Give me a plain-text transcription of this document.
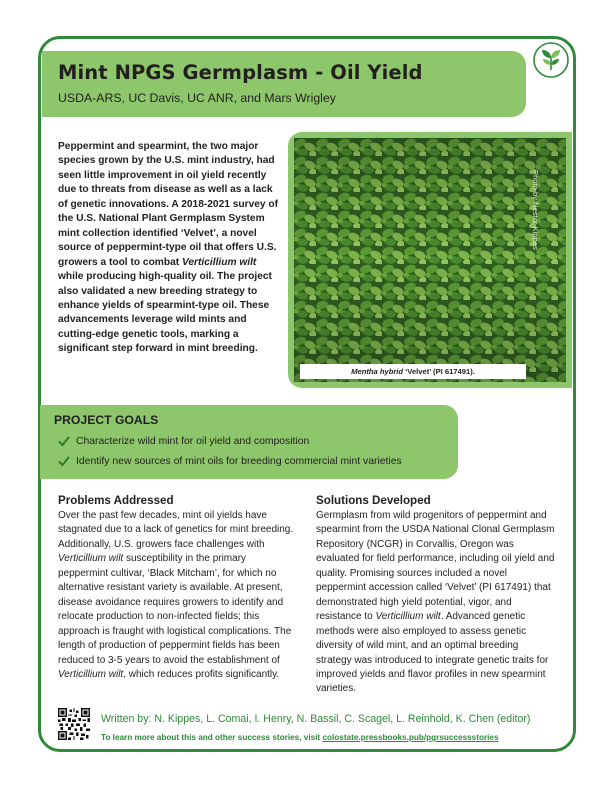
Mint NPGS Germplasm - Oil Yield
USDA-ARS, UC Davis, UC ANR, and Mars Wrigley

Peppermint and spearmint, the two major species grown by the U.S. mint industry, had seen little improvement in oil yield recently due to threats from disease as well as a lack of genetic innovations. A 2018-2021 survey of the U.S. National Plant Germplasm System mint collection identified ‘Velvet’, a novel source of peppermint-type oil that offers U.S. growers a tool to combat Verticillium wilt while producing high-quality oil. The project also validated a new breeding strategy to enhance yields of spearmint-type oil. These advancements leverage wild mints and cutting-edge genetic tools, marking a significant step forward in mint breeding.

Photo by Nestor Kippes
Mentha hybrid ‘Velvet’ (PI 617491).
PROJECT GOALS
Characterize wild mint for oil yield and composition
Identify new sources of mint oils for breeding commercial mint varieties
Problems Addressed

Over the past few decades, mint oil yields have stagnated due to a lack of genetics for mint breeding. Additionally, U.S. growers face challenges with Verticillium wilt susceptibility in the primary peppermint cultivar, ‘Black Mitcham’, for which no alternative resistant variety is available. At present, disease avoidance requires growers to identify and relocate production to non-infected fields; this approach is fraught with logistical complications. The length of production of peppermint fields has been reduced to 3-5 years to avoid the establishment of Verticillium wilt, which reduces profits significantly.

Solutions Developed

Germplasm from wild progenitors of peppermint and spearmint from the USDA National Clonal Germplasm Repository (NCGR) in Corvallis, Oregon was evaluated for field performance, including oil yield and quality. Promising sources included a novel peppermint accession called ‘Velvet’ (PI 617491) that demonstrated high yield potential, vigor, and resistance to Verticillium wilt. Advanced genetic methods were also employed to assess genetic diversity of wild mint, and an optimal breeding strategy was introduced to integrate genetic traits for improved yields and flavor profiles in new spearmint varieties.

Written by: N. Kippes, L. Comai, I. Henry, N. Bassil, C. Scagel, L. Reinhold, K. Chen (editor)
To learn more about this and other success stories, visit colostate.pressbooks.pub/pgrsuccessstories
